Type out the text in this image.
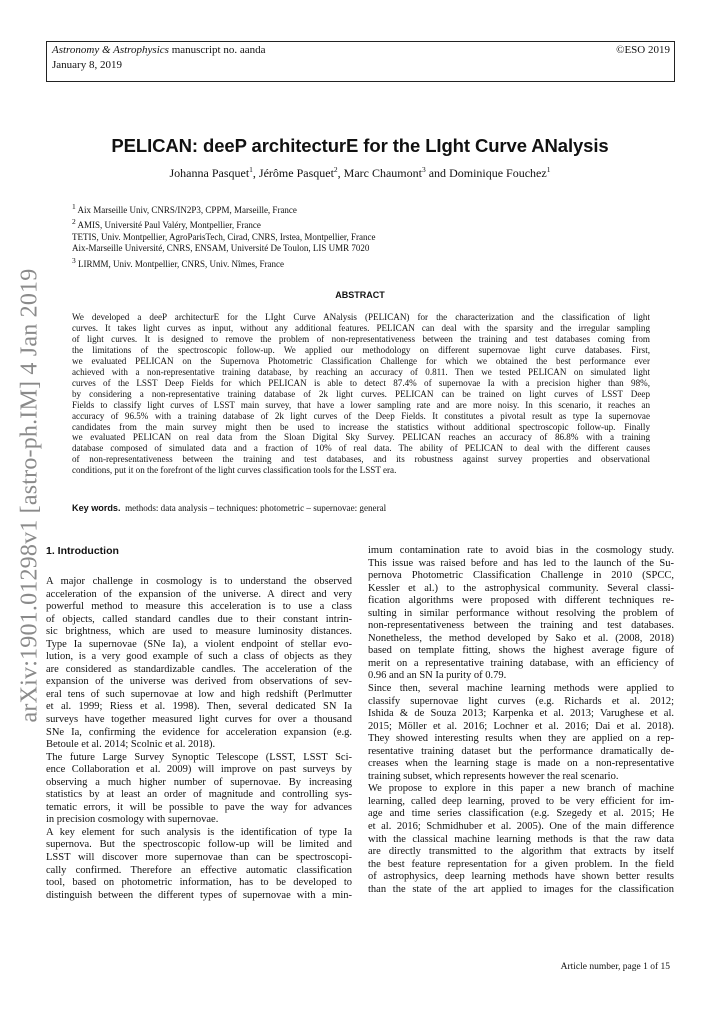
Astronomy & Astrophysics manuscript no. aanda
January 8, 2019
©ESO 2019
arXiv:1901.01298v1 [astro-ph.IM] 4 Jan 2019
PELICAN: deeP architecturE for the LIght Curve ANalysis
Johanna Pasquet$^1$, Jérôme Pasquet$^2$, Marc Chaumont$^3$ and Dominique Fouchez$^1$
$^1$ Aix Marseille Univ, CNRS/IN2P3, CPPM, Marseille, France
$^2$ AMIS, Université Paul Valéry, Montpellier, France
TETIS, Univ. Montpellier, AgroParisTech, Cirad, CNRS, Irstea, Montpellier, France
Aix-Marseille Université, CNRS, ENSAM, Université De Toulon, LIS UMR 7020
$^3$ LIRMM, Univ. Montpellier, CNRS, Univ. Nîmes, France
ABSTRACT
We developed a deeP architecturE for the LIght Curve ANalysis (PELICAN) for the characterization and the classification of light
curves. It takes light curves as input, without any additional features. PELICAN can deal with the sparsity and the irregular sampling
of light curves. It is designed to remove the problem of non-representativeness between the training and test databases coming from
the limitations of the spectroscopic follow-up. We applied our methodology on different supernovae light curve databases. First,
we evaluated PELICAN on the Supernova Photometric Classification Challenge for which we obtained the best performance ever
achieved with a non-representative training database, by reaching an accuracy of 0.811. Then we tested PELICAN on simulated light
curves of the LSST Deep Fields for which PELICAN is able to detect 87.4% of supernovae Ia with a precision higher than 98%,
by considering a non-representative training database of 2k light curves. PELICAN can be trained on light curves of LSST Deep
Fields to classify light curves of LSST main survey, that have a lower sampling rate and are more noisy. In this scenario, it reaches an
accuracy of 96.5% with a training database of 2k light curves of the Deep Fields. It constitutes a pivotal result as type Ia supernovae
candidates from the main survey might then be used to increase the statistics without additional spectroscopic follow-up. Finally
we evaluated PELICAN on real data from the Sloan Digital Sky Survey. PELICAN reaches an accuracy of 86.8% with a training
database composed of simulated data and a fraction of 10% of real data. The ability of PELICAN to deal with the different causes
of non-representativeness between the training and test databases, and its robustness against survey properties and observational
conditions, put it on the forefront of the light curves classification tools for the LSST era.
Key words. methods: data analysis – techniques: photometric – supernovae: general
1. Introduction
A major challenge in cosmology is to understand the observed
acceleration of the expansion of the universe. A direct and very
powerful method to measure this acceleration is to use a class
of objects, called standard candles due to their constant intrin-
sic brightness, which are used to measure luminosity distances.
Type Ia supernovae (SNe Ia), a violent endpoint of stellar evo-
lution, is a very good example of such a class of objects as they
are considered as standardizable candles. The acceleration of the
expansion of the universe was derived from observations of sev-
eral tens of such supernovae at low and high redshift (Perlmutter
et al. 1999; Riess et al. 1998). Then, several dedicated SN Ia
surveys have together measured light curves for over a thousand
SNe Ia, confirming the evidence for acceleration expansion (e.g.
Betoule et al. 2014; Scolnic et al. 2018).
The future Large Survey Synoptic Telescope (LSST, LSST Sci-
ence Collaboration et al. 2009) will improve on past surveys by
observing a much higher number of supernovae. By increasing
statistics by at least an order of magnitude and controlling sys-
tematic errors, it will be possible to pave the way for advances
in precision cosmology with supernovae.
A key element for such analysis is the identification of type Ia
supernova. But the spectroscopic follow-up will be limited and
LSST will discover more supernovae than can be spectroscopi-
cally confirmed. Therefore an effective automatic classification
tool, based on photometric information, has to be developed to
distinguish between the different types of supernovae with a min-
imum contamination rate to avoid bias in the cosmology study.
This issue was raised before and has led to the launch of the Su-
pernova Photometric Classification Challenge in 2010 (SPCC,
Kessler et al.) to the astrophysical community. Several classi-
fication algorithms were proposed with different techniques re-
sulting in similar performance without resolving the problem of
non-representativeness between the training and test databases.
Nonetheless, the method developed by Sako et al. (2008, 2018)
based on template fitting, shows the highest average figure of
merit on a representative training database, with an efficiency of
0.96 and an SN Ia purity of 0.79.
Since then, several machine learning methods were applied to
classify supernovae light curves (e.g. Richards et al. 2012;
Ishida & de Souza 2013; Karpenka et al. 2013; Varughese et al.
2015; Möller et al. 2016; Lochner et al. 2016; Dai et al. 2018).
They showed interesting results when they are applied on a rep-
resentative training dataset but the performance dramatically de-
creases when the learning stage is made on a non-representative
training subset, which represents however the real scenario.
We propose to explore in this paper a new branch of machine
learning, called deep learning, proved to be very efficient for im-
age and time series classification (e.g. Szegedy et al. 2015; He
et al. 2016; Schmidhuber et al. 2005). One of the main difference
with the classical machine learning methods is that the raw data
are directly transmitted to the algorithm that extracts by itself
the best feature representation for a given problem. In the field
of astrophysics, deep learning methods have shown better results
than the state of the art applied to images for the classification
Article number, page 1 of 15
